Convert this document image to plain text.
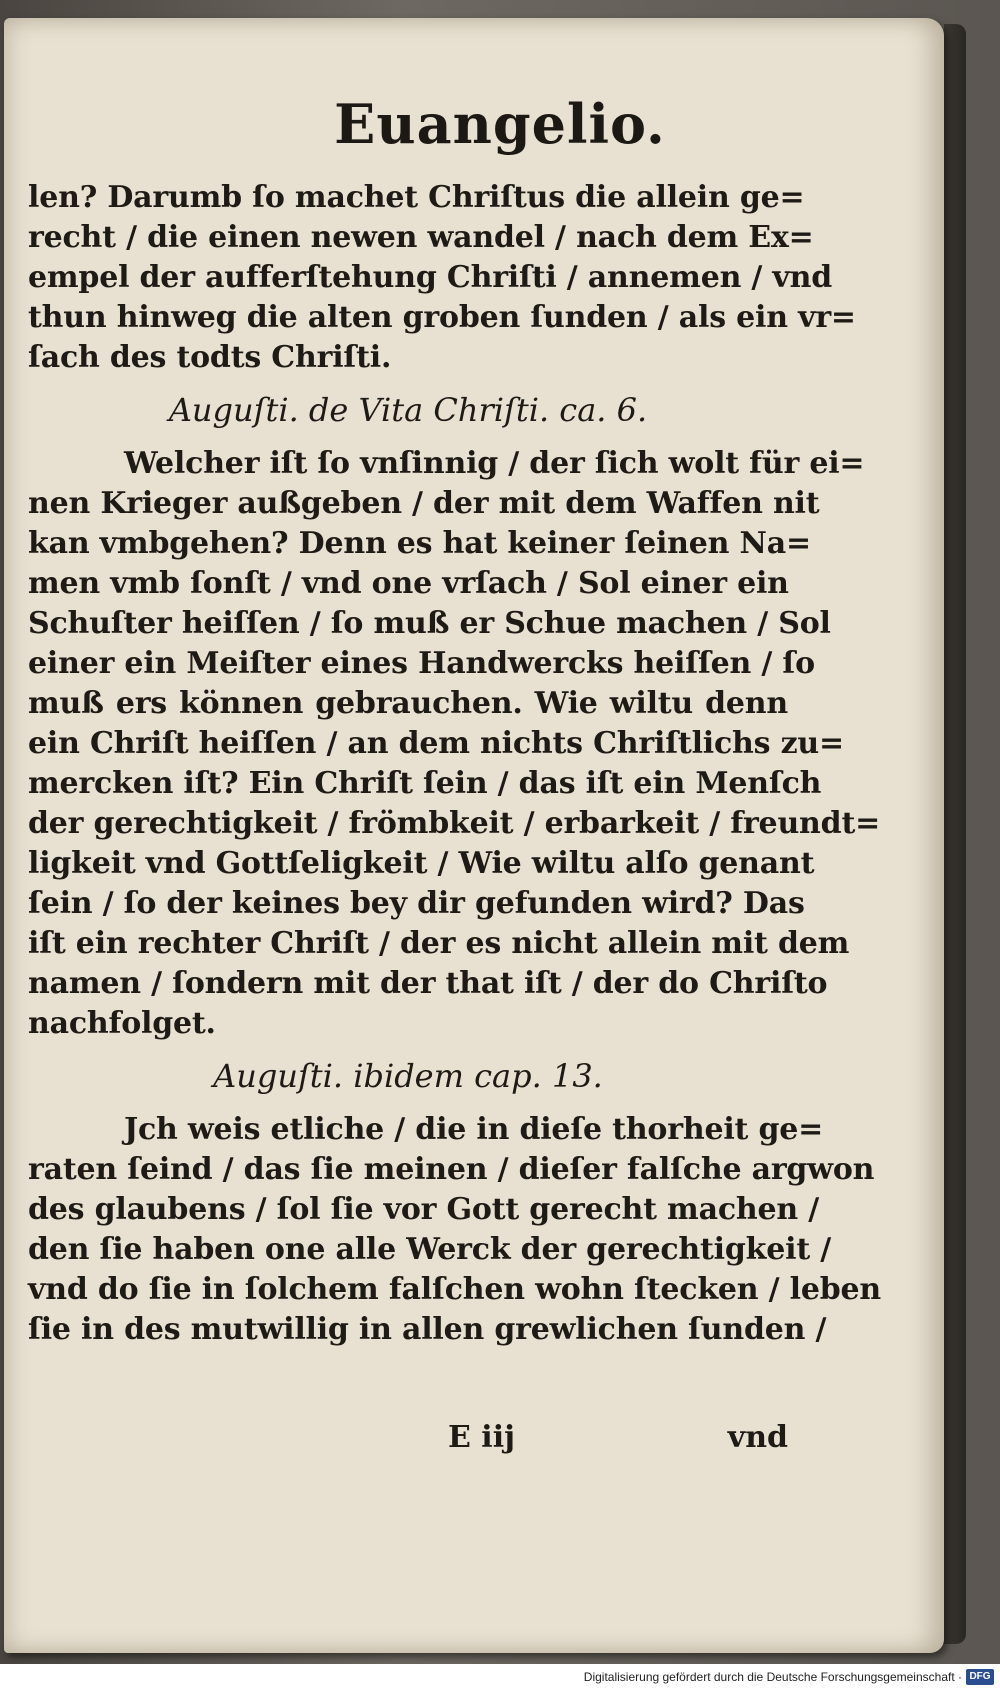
Euangelio.
len? Darumb ſo machet Chriſtus die allein ge=
recht / die einen newen wandel / nach dem Ex=
empel der aufferſtehung Chriſti / annemen / vnd
thun hinweg die alten groben ſunden / als ein vr=
ſach des todts Chriſti.
Auguſti. de Vita Chriſti. ca. 6.
Welcher iſt ſo vnſinnig / der ſich wolt für ei=
nen Krieger außgeben / der mit dem Waffen nit
kan vmbgehen? Denn es hat keiner ſeinen Na=
men vmb ſonſt / vnd one vrſach / Sol einer ein
Schuſter heiſſen / ſo muß er Schue machen / Sol
einer ein Meiſter eines Handwercks heiſſen / ſo
muß ers können gebrauchen. Wie wiltu denn
ein Chriſt heiſſen / an dem nichts Chriſtlichs zu=
mercken iſt? Ein Chriſt ſein / das iſt ein Menſch
der gerechtigkeit / frömbkeit / erbarkeit / freundt=
ligkeit vnd Gottſeligkeit / Wie wiltu alſo genant
ſein / ſo der keines bey dir gefunden wird? Das
iſt ein rechter Chriſt / der es nicht allein mit dem
namen / ſondern mit der that iſt / der do Chriſto
nachfolget.
Auguſti. ibidem cap. 13.
Jch weis etliche / die in dieſe thorheit ge=
raten ſeind / das ſie meinen / dieſer falſche argwon
des glaubens / ſol ſie vor Gott gerecht machen /
den ſie haben one alle Werck der gerechtigkeit /
vnd do ſie in ſolchem falſchen wohn ſtecken / leben
ſie in des mutwillig in allen grewlichen ſunden /
E iij	vnd
Digitalisierung gefördert durch die Deutsche Forschungsgemeinschaft · DFG
